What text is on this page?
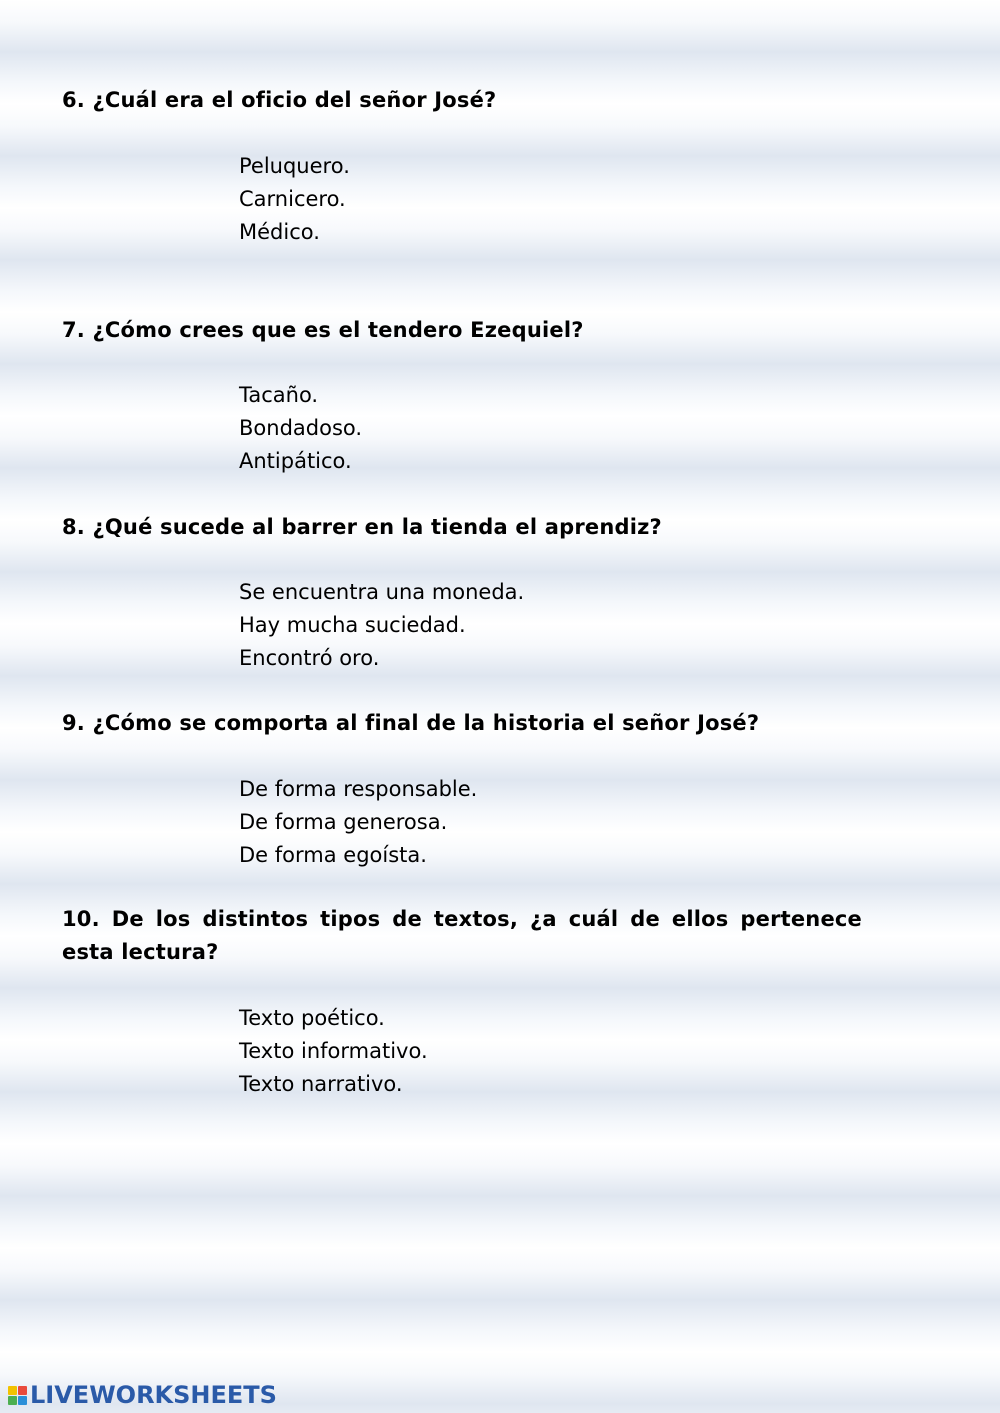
6. ¿Cuál era el oficio del señor José?

Peluquero.
Carnicero.
Médico.

7. ¿Cómo crees que es el tendero Ezequiel?

Tacaño.
Bondadoso.
Antipático.

8. ¿Qué sucede al barrer en la tienda el aprendiz?

Se encuentra una moneda.
Hay mucha suciedad.
Encontró oro.

9. ¿Cómo se comporta al final de la historia el señor José?

De forma responsable.
De forma generosa.
De forma egoísta.

10. De los distintos tipos de textos, ¿a cuál de ellos pertenece esta lectura?

Texto poético.
Texto informativo.
Texto narrativo.
LIVEWORKSHEETS
